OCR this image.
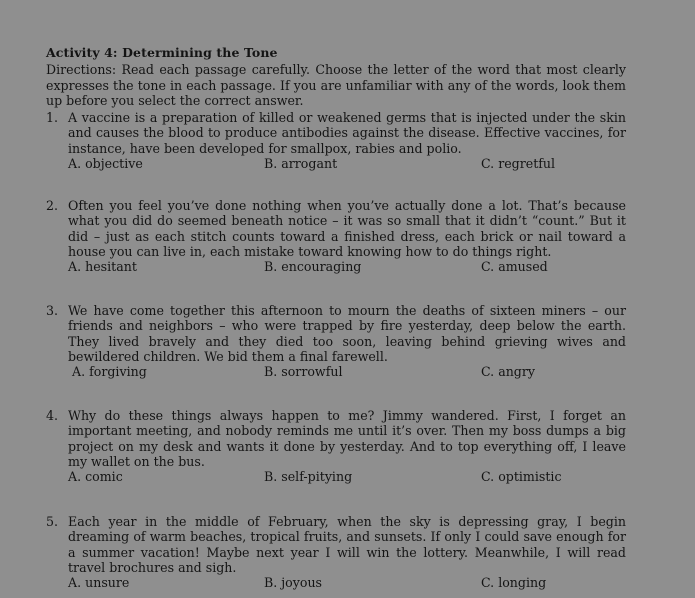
Activity 4: Determining the Tone
Directions: Read each passage carefully. Choose the letter of the word that most clearly expresses the tone in each passage. If you are unfamiliar with any of the words, look them up before you select the correct answer.
1. A vaccine is a preparation of killed or weakened germs that is injected under the skin and causes the blood to produce antibodies against the disease. Effective vaccines, for instance, have been developed for smallpox, rabies and polio.
A. objective	B. arrogant	C. regretful
2. Often you feel you’ve done nothing when you’ve actually done a lot. That’s because what you did do seemed beneath notice – it was so small that it didn’t “count.” But it did – just as each stitch counts toward a finished dress, each brick or nail toward a house you can live in, each mistake toward knowing how to do things right.
A. hesitant	B. encouraging	C. amused
3. We have come together this afternoon to mourn the deaths of sixteen miners – our friends and neighbors – who were trapped by fire yesterday, deep below the earth. They lived bravely and they died too soon, leaving behind grieving wives and bewildered children. We bid them a final farewell.
A. forgiving	B. sorrowful	C. angry
4. Why do these things always happen to me? Jimmy wandered. First, I forget an important meeting, and nobody reminds me until it’s over. Then my boss dumps a big project on my desk and wants it done by yesterday. And to top everything off, I leave my wallet on the bus.
A. comic	B. self-pitying	C. optimistic
5. Each year in the middle of February, when the sky is depressing gray, I begin dreaming of warm beaches, tropical fruits, and sunsets. If only I could save enough for a summer vacation! Maybe next year I will win the lottery. Meanwhile, I will read travel brochures and sigh.
A. unsure	B. joyous	C. longing
